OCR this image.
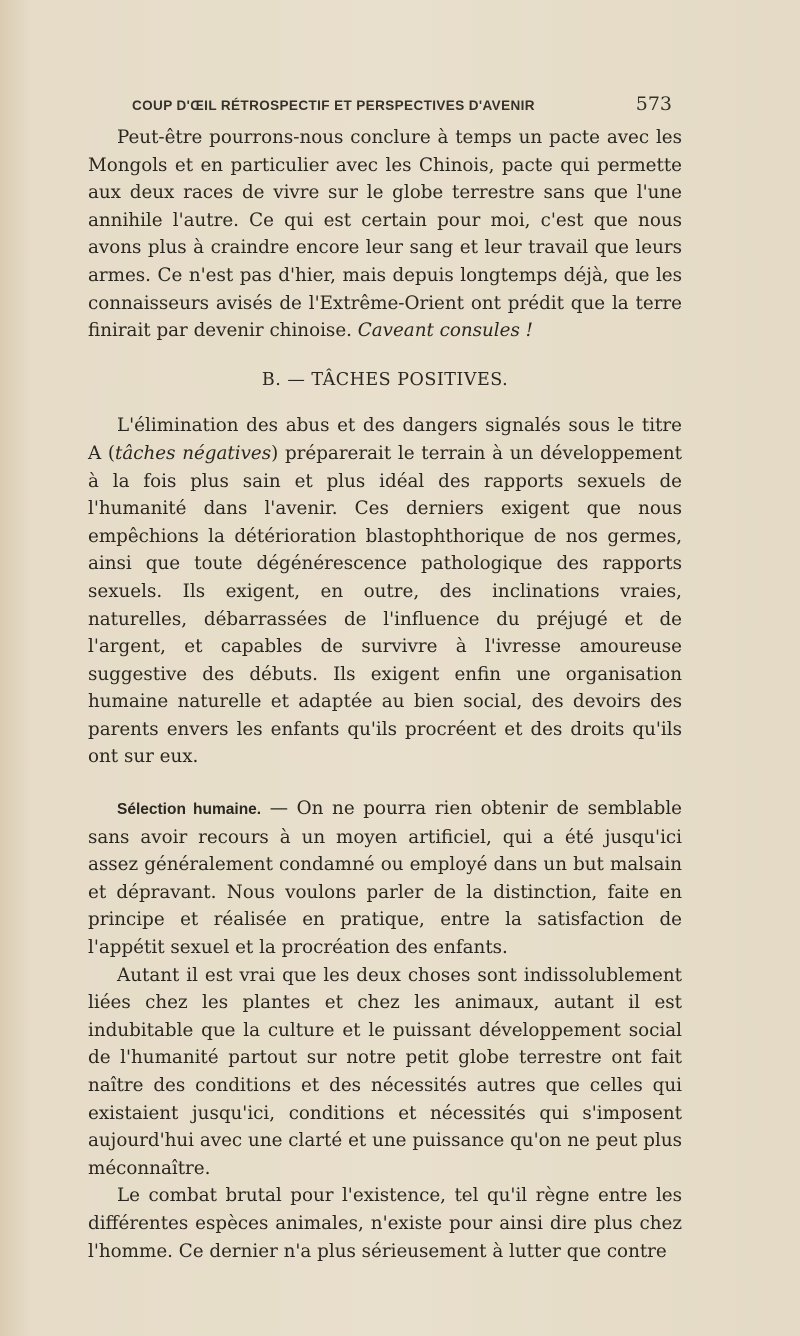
COUP D'ŒIL RÉTROSPECTIF ET PERSPECTIVES D'AVENIR	573

Peut-être pourrons-nous conclure à temps un pacte avec les Mongols et en particulier avec les Chinois, pacte qui permette aux deux races de vivre sur le globe terrestre sans que l'une annihile l'autre. Ce qui est certain pour moi, c'est que nous avons plus à craindre encore leur sang et leur travail que leurs armes. Ce n'est pas d'hier, mais depuis longtemps déjà, que les connaisseurs avisés de l'Extrême-Orient ont prédit que la terre finirait par devenir chinoise. Caveant consules !

B. — TÂCHES POSITIVES.

L'élimination des abus et des dangers signalés sous le titre A (tâches négatives) préparerait le terrain à un développement à la fois plus sain et plus idéal des rapports sexuels de l'humanité dans l'avenir. Ces derniers exigent que nous empêchions la détérioration blastophthorique de nos germes, ainsi que toute dégénérescence pathologique des rapports sexuels. Ils exigent, en outre, des inclinations vraies, naturelles, débarrassées de l'influence du préjugé et de l'argent, et capables de survivre à l'ivresse amoureuse suggestive des débuts. Ils exigent enfin une organisation humaine naturelle et adaptée au bien social, des devoirs des parents envers les enfants qu'ils procréent et des droits qu'ils ont sur eux.

Sélection humaine. — On ne pourra rien obtenir de semblable sans avoir recours à un moyen artificiel, qui a été jusqu'ici assez généralement condamné ou employé dans un but malsain et dépravant. Nous voulons parler de la distinction, faite en principe et réalisée en pratique, entre la satisfaction de l'appétit sexuel et la procréation des enfants.

Autant il est vrai que les deux choses sont indissolublement liées chez les plantes et chez les animaux, autant il est indubitable que la culture et le puissant développement social de l'humanité partout sur notre petit globe terrestre ont fait naître des conditions et des nécessités autres que celles qui existaient jusqu'ici, conditions et nécessités qui s'imposent aujourd'hui avec une clarté et une puissance qu'on ne peut plus méconnaître.

Le combat brutal pour l'existence, tel qu'il règne entre les différentes espèces animales, n'existe pour ainsi dire plus chez l'homme. Ce dernier n'a plus sérieusement à lutter que contre
